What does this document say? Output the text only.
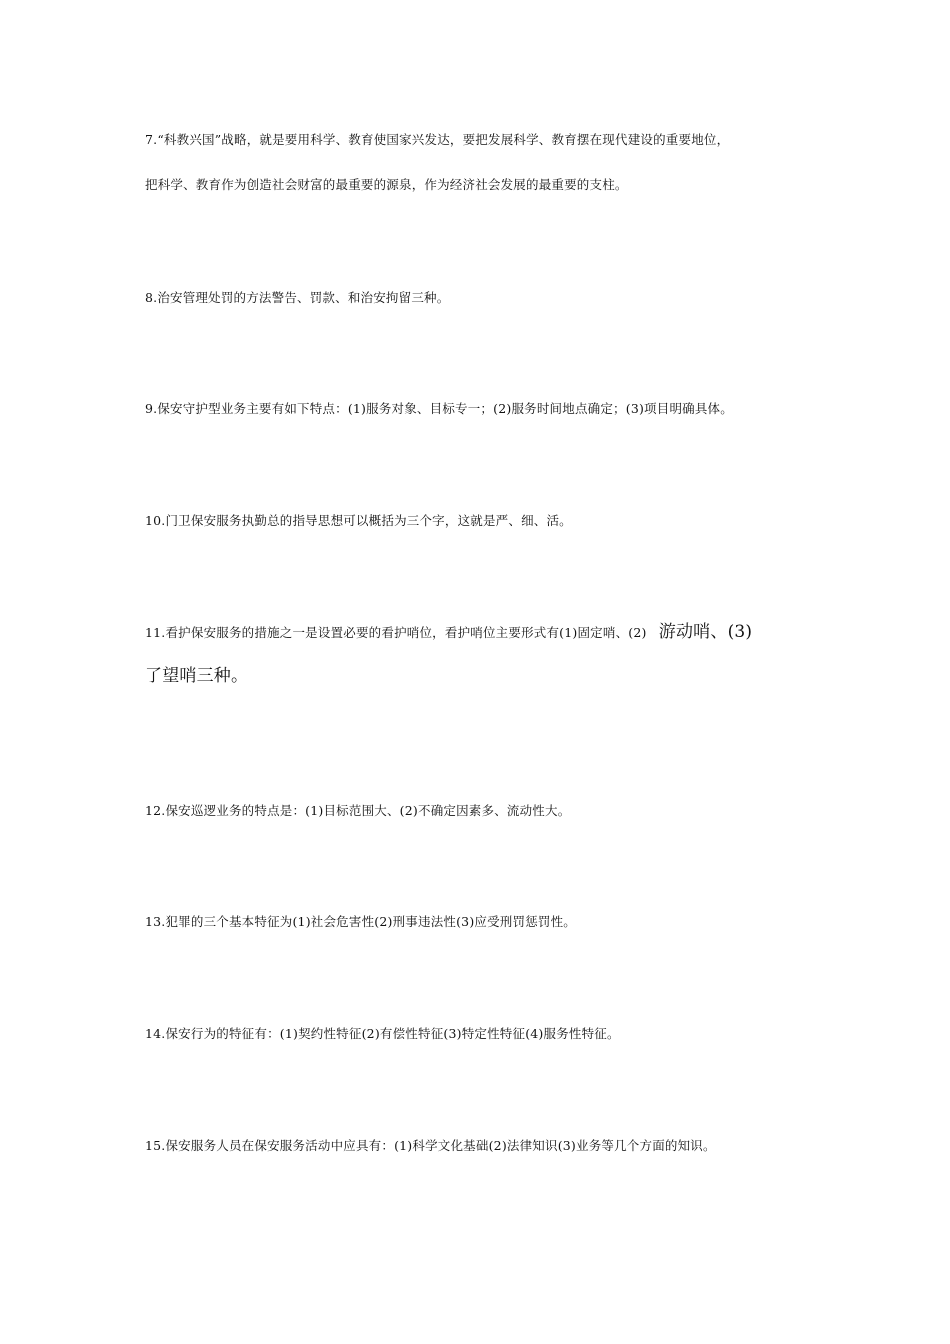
7.“科教兴国”战略，就是要用科学、教育使国家兴发达，要把发展科学、教育摆在现代建设的重要地位，

把科学、教育作为创造社会财富的最重要的源泉，作为经济社会发展的最重要的支柱。

8.治安管理处罚的方法警告、罚款、和治安拘留三种。

9.保安守护型业务主要有如下特点：(1)服务对象、目标专一；(2)服务时间地点确定；(3)项目明确具体。

10.门卫保安服务执勤总的指导思想可以概括为三个字，这就是严、细、活。

11.看护保安服务的措施之一是设置必要的看护哨位，看护哨位主要形式有(1)固定哨、(2) 游动哨、(3)

了望哨三种。

12.保安巡逻业务的特点是：(1)目标范围大、(2)不确定因素多、流动性大。

13.犯罪的三个基本特征为(1)社会危害性(2)刑事违法性(3)应受刑罚惩罚性。

14.保安行为的特征有：(1)契约性特征(2)有偿性特征(3)特定性特征(4)服务性特征。

15.保安服务人员在保安服务活动中应具有：(1)科学文化基础(2)法律知识(3)业务等几个方面的知识。
